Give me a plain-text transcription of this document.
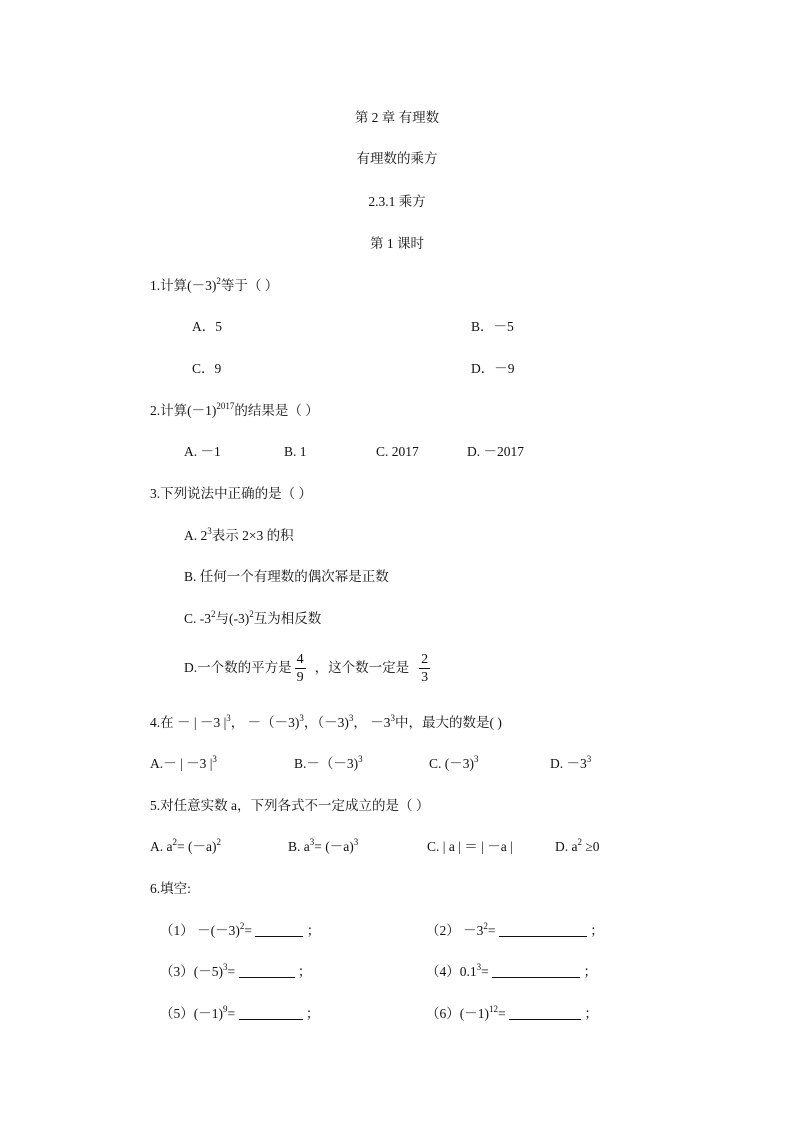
第 2 章 有理数
有理数的乘方
2.3.1 乘方
第 1 课时
1.计算$(-3)^2$等于（ ）
A．5	B．－5
C．9	D．－9
2.计算$(-1)^{2017}$的结果是（ ）
A. －1	B. 1	C. 2017	D. －2017
3.下列说法中正确的是（ ）
A. $2^3$表示 2×3 的积
B. 任何一个有理数的偶次幂是正数
C. $-3^2$与$(-3)^2$互为相反数
D.一个数的平方是 $\frac{4}{9}$ ，这个数一定是 $\frac{2}{3}$
4.在 － | －3 $|^3$， －（－3)$^3$，（－3)$^3$， $-3^3$中，最大的数是( )
A.－ | －3 $|^3$	B.－（－3)$^3$	C. $(-3)^3$	D. $-3^3$
5.对任意实数 a，下列各式不一定成立的是（ ）
A. $a^2= (-a)^2$	B. $a^3= (-a)^3$	C. | a | ＝ | －a |	D. $a^2 \ge 0$
6.填空:
$(1) -(-3)^2=$	；	$(2) -3^2=$	；
$(3)(-5)^3=$	；	$(4)0.1^3=$	；
$(5)(-1)^9=$	；	$(6)(-1)^{12}=$	；
